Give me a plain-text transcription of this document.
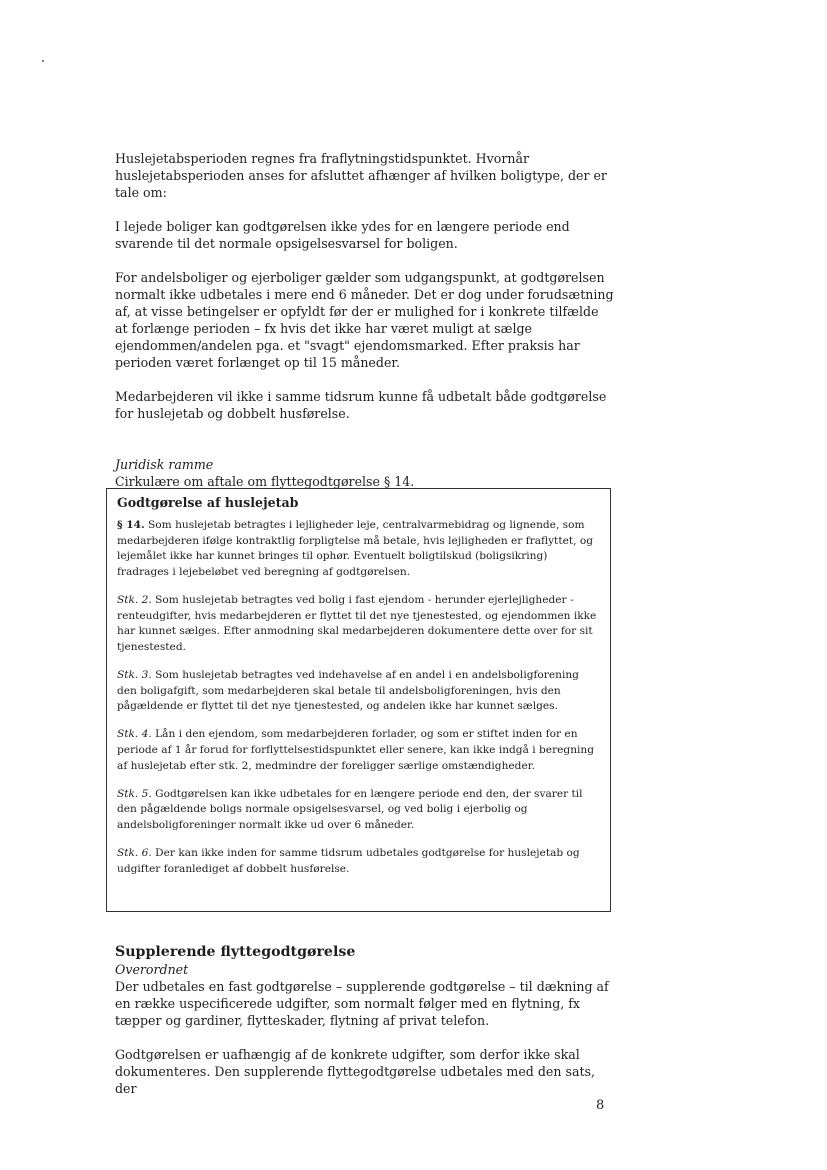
Huslejetabsperioden regnes fra fraflytningstidspunktet. Hvornår huslejetabsperioden anses for afsluttet afhænger af hvilken boligtype, der er tale om:

I lejede boliger kan godtgørelsen ikke ydes for en længere periode end svarende til det normale opsigelsesvarsel for boligen.

For andelsboliger og ejerboliger gælder som udgangspunkt, at godtgørelsen normalt ikke udbetales i mere end 6 måneder. Det er dog under forudsætning af, at visse betingelser er opfyldt før der er mulighed for i konkrete tilfælde at forlænge perioden – fx hvis det ikke har været muligt at sælge ejendommen/andelen pga. et "svagt" ejendomsmarked. Efter praksis har perioden været forlænget op til 15 måneder.

Medarbejderen vil ikke i samme tidsrum kunne få udbetalt både godtgørelse for huslejetab og dobbelt husførelse.

Juridisk ramme

Cirkulære om aftale om flyttegodtgørelse § 14.

Godtgørelse af huslejetab

§ 14. Som huslejetab betragtes i lejligheder leje, centralvarmebidrag og lignende, som medarbejderen ifølge kontraktlig forpligtelse må betale, hvis lejligheden er fraflyttet, og lejemålet ikke har kunnet bringes til ophør. Eventuelt boligtilskud (boligsikring) fradrages i lejebeløbet ved beregning af godtgørelsen.

Stk. 2. Som huslejetab betragtes ved bolig i fast ejendom - herunder ejerlejligheder - renteudgifter, hvis medarbejderen er flyttet til det nye tjenestested, og ejendommen ikke har kunnet sælges. Efter anmodning skal medarbejderen dokumentere dette over for sit tjenestested.

Stk. 3. Som huslejetab betragtes ved indehavelse af en andel i en andelsboligforening den boligafgift, som medarbejderen skal betale til andelsboligforeningen, hvis den pågældende er flyttet til det nye tjenestested, og andelen ikke har kunnet sælges.

Stk. 4. Lån i den ejendom, som medarbejderen forlader, og som er stiftet inden for en periode af 1 år forud for forflyttelsestidspunktet eller senere, kan ikke indgå i beregning af huslejetab efter stk. 2, medmindre der foreligger særlige omstændigheder.

Stk. 5. Godtgørelsen kan ikke udbetales for en længere periode end den, der svarer til den pågældende boligs normale opsigelsesvarsel, og ved bolig i ejerbolig og andelsboligforeninger normalt ikke ud over 6 måneder.

Stk. 6. Der kan ikke inden for samme tidsrum udbetales godtgørelse for huslejetab og udgifter foranlediget af dobbelt husførelse.

Supplerende flyttegodtgørelse

Overordnet

Der udbetales en fast godtgørelse – supplerende godtgørelse – til dækning af en række uspecificerede udgifter, som normalt følger med en flytning, fx tæpper og gardiner, flytteskader, flytning af privat telefon.

Godtgørelsen er uafhængig af de konkrete udgifter, som derfor ikke skal dokumenteres. Den supplerende flyttegodtgørelse udbetales med den sats, der

8
